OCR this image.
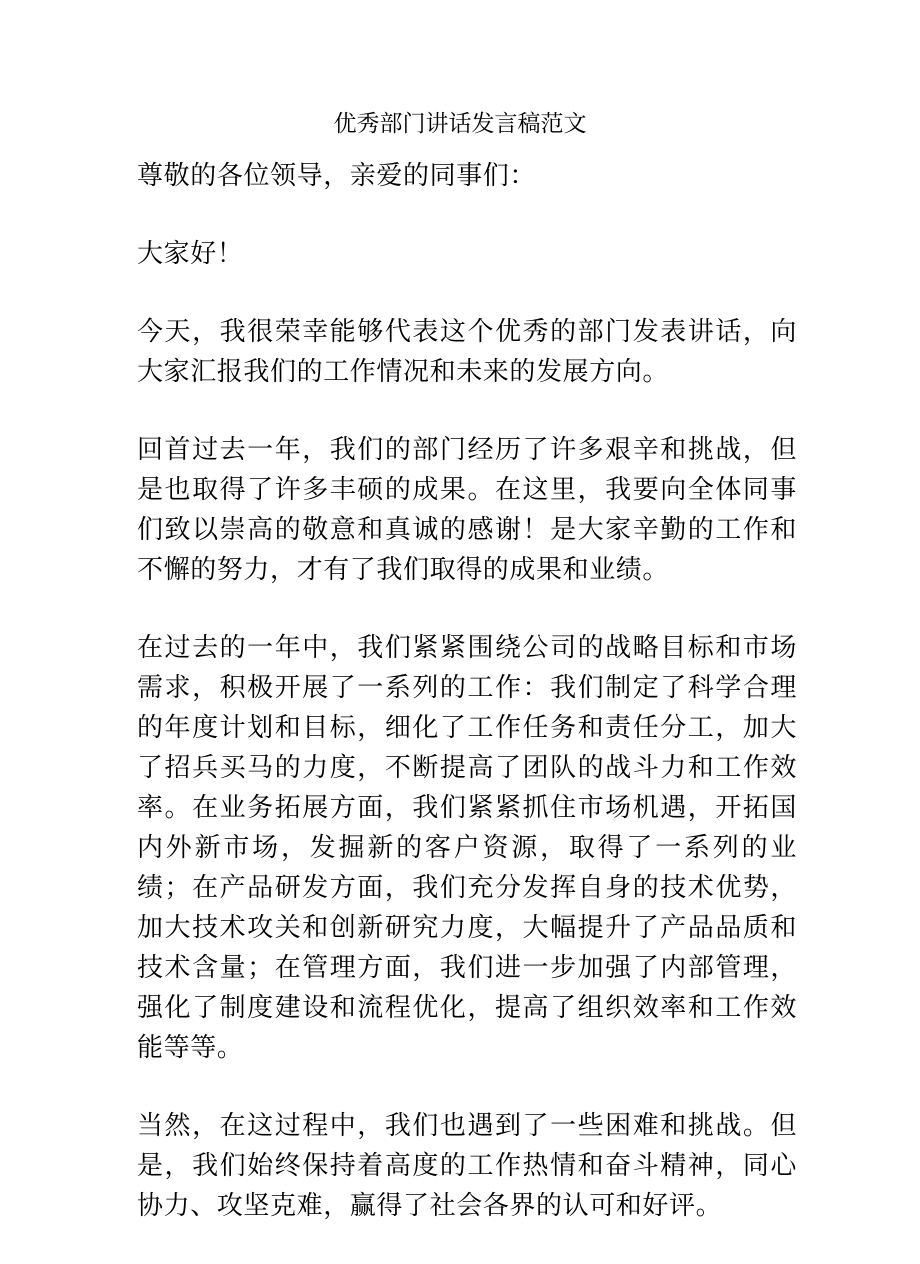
优秀部门讲话发言稿范文

尊敬的各位领导，亲爱的同事们：

大家好！

今天，我很荣幸能够代表这个优秀的部门发表讲话，向大家汇报我们的工作情况和未来的发展方向。

回首过去一年，我们的部门经历了许多艰辛和挑战，但是也取得了许多丰硕的成果。在这里，我要向全体同事们致以崇高的敬意和真诚的感谢！是大家辛勤的工作和不懈的努力，才有了我们取得的成果和业绩。

在过去的一年中，我们紧紧围绕公司的战略目标和市场需求，积极开展了一系列的工作：我们制定了科学合理的年度计划和目标，细化了工作任务和责任分工，加大了招兵买马的力度，不断提高了团队的战斗力和工作效率。在业务拓展方面，我们紧紧抓住市场机遇，开拓国内外新市场，发掘新的客户资源，取得了一系列的业绩；在产品研发方面，我们充分发挥自身的技术优势，加大技术攻关和创新研究力度，大幅提升了产品品质和技术含量；在管理方面，我们进一步加强了内部管理，强化了制度建设和流程优化，提高了组织效率和工作效能等等。

当然，在这过程中，我们也遇到了一些困难和挑战。但是，我们始终保持着高度的工作热情和奋斗精神，同心协力、攻坚克难，赢得了社会各界的认可和好评。
